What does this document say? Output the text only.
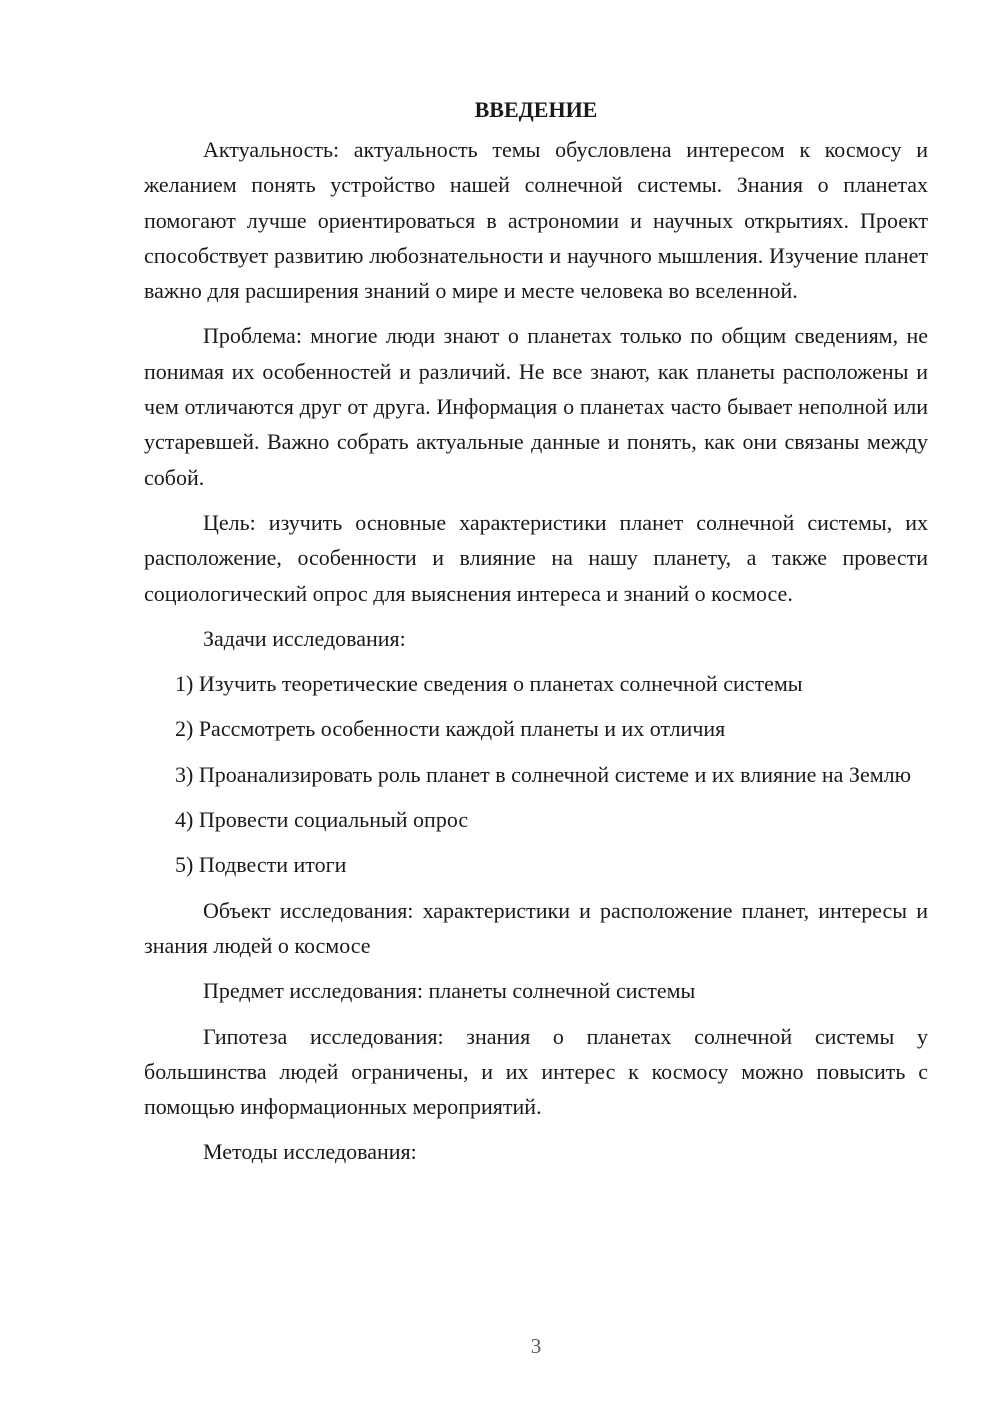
ВВЕДЕНИЕ
Актуальность: актуальность темы обусловлена интересом к космосу и желанием понять устройство нашей солнечной системы. Знания о планетах помогают лучше ориентироваться в астрономии и научных открытиях. Проект способствует развитию любознательности и научного мышления. Изучение планет важно для расширения знаний о мире и месте человека во вселенной.
Проблема: многие люди знают о планетах только по общим сведениям, не понимая их особенностей и различий. Не все знают, как планеты расположены и чем отличаются друг от друга. Информация о планетах часто бывает неполной или устаревшей. Важно собрать актуальные данные и понять, как они связаны между собой.
Цель: изучить основные характеристики планет солнечной системы, их расположение, особенности и влияние на нашу планету, а также провести социологический опрос для выяснения интереса и знаний о космосе.
Задачи исследования:
1) Изучить теоретические сведения о планетах солнечной системы
2) Рассмотреть особенности каждой планеты и их отличия
3) Проанализировать роль планет в солнечной системе и их влияние на Землю
4) Провести социальный опрос
5) Подвести итоги
Объект исследования: характеристики и расположение планет, интересы и знания людей о космосе
Предмет исследования: планеты солнечной системы
Гипотеза исследования: знания о планетах солнечной системы у большинства людей ограничены, и их интерес к космосу можно повысить с помощью информационных мероприятий.
Методы исследования:
3
